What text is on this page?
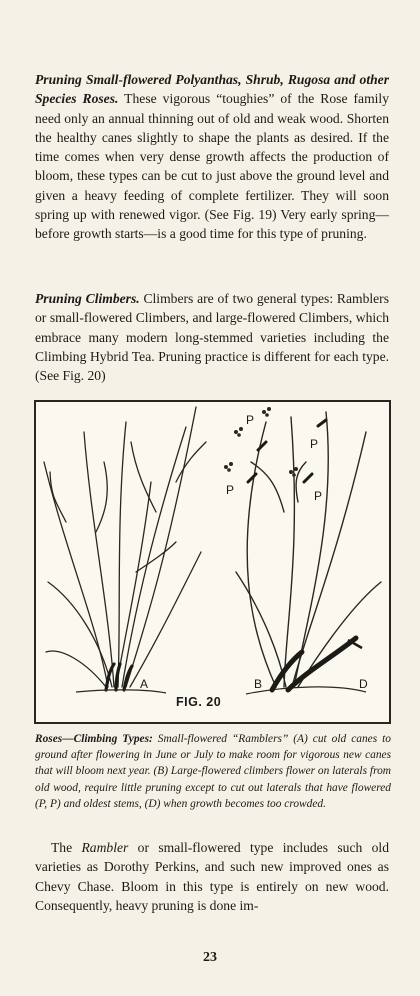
Pruning Small-flowered Polyanthas, Shrub, Rugosa and other Species Roses. These vigorous “toughies” of the Rose family need only an annual thinning out of old and weak wood. Shorten the healthy canes slightly to shape the plants as desired. If the time comes when very dense growth affects the production of bloom, these types can be cut to just above the ground level and given a heavy feeding of complete fertilizer. They will soon spring up with renewed vigor. (See Fig. 19) Very early spring—before growth starts—is a good time for this type of pruning.

Pruning Climbers. Climbers are of two general types: Ramblers or small-flowered Climbers, and large-flowered Climbers, which embrace many modern long-stemmed varieties including the Climbing Hybrid Tea. Pruning practice is different for each type. (See Fig. 20)

P
P
P
P
A	B	D
FIG. 20

Roses—Climbing Types: Small-flowered “Ramblers” (A) cut old canes to ground after flowering in June or July to make room for vigorous new canes that will bloom next year. (B) Large-flowered climbers flower on laterals from old wood, require little pruning except to cut out laterals that have flowered (P, P) and oldest stems, (D) when growth becomes too crowded.

The Rambler or small-flowered type includes such old varieties as Dorothy Perkins, and such new improved ones as Chevy Chase. Bloom in this type is entirely on new wood. Consequently, heavy pruning is done im-

23
